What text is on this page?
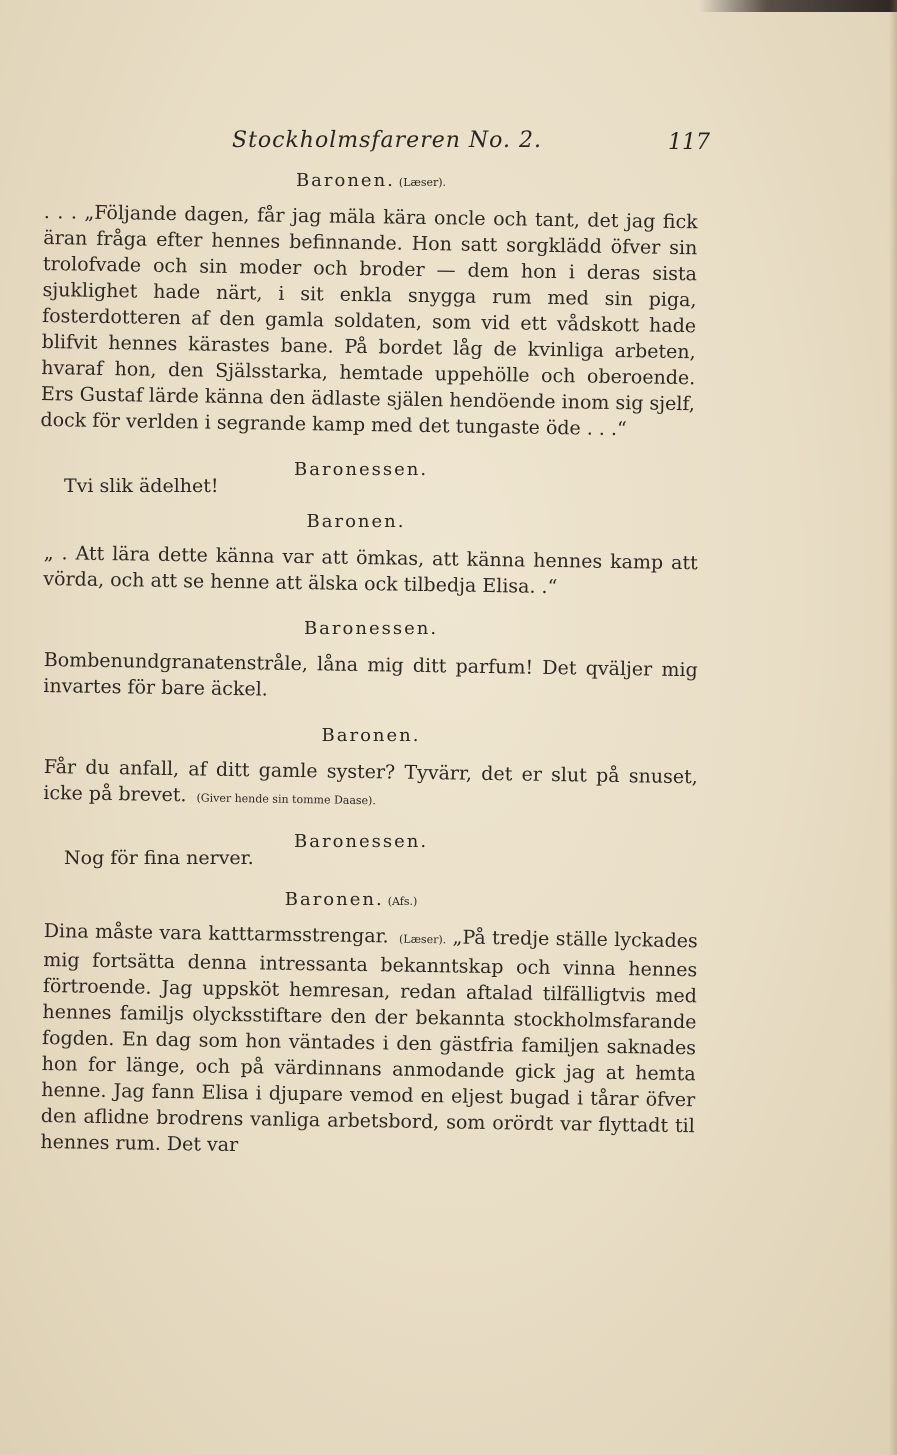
Stockholmsfareren No. 2.	117
Baronen. (Læser).

. . . „Följande dagen, får jag mäla kära oncle och tant, det jag fick äran fråga efter hennes befinnande. Hon satt sorgklädd öfver sin trolofvade och sin moder och broder — dem hon i deras sista sjuklighet hade närt, i sit enkla snygga rum med sin piga, fosterdotteren af den gamla soldaten, som vid ett vådskott hade blifvit hennes kärastes bane. På bordet låg de kvinliga arbeten, hvaraf hon, den Själsstarka, hemtade uppehölle och oberoende. Ers Gustaf lärde känna den ädlaste själen hendöende inom sig sjelf, dock för verlden i segrande kamp med det tungaste öde . . .“

Baronessen.
Tvi slik ädelhet!
Baronen.

„ . Att lära dette känna var att ömkas, att känna hennes kamp att vörda, och att se henne att älska ock tilbedja Elisa. .“

Baronessen.

Bombenundgranatenstråle, låna mig ditt parfum! Det qväljer mig invartes för bare äckel.

Baronen.

Får du anfall, af ditt gamle syster? Tyvärr, det er slut på snuset, icke på brevet. (Giver hende sin tomme Daase).

Baronessen.
Nog för fina nerver.
Baronen. (Afs.)

Dina måste vara katttarmsstrengar. (Læser). „På tredje ställe lyckades mig fortsätta denna intressanta bekanntskap och vinna hennes förtroende. Jag uppsköt hemresan, redan aftalad tilfälligtvis med hennes familjs olycksstiftare den der bekannta stockholmsfarande fogden. En dag som hon väntades i den gästfria familjen saknades hon for länge, och på värdinnans anmodande gick jag at hemta henne. Jag fann Elisa i djupare vemod en eljest bugad i tårar öfver den aflidne brodrens vanliga arbetsbord, som orördt var flyttadt til hennes rum. Det var
